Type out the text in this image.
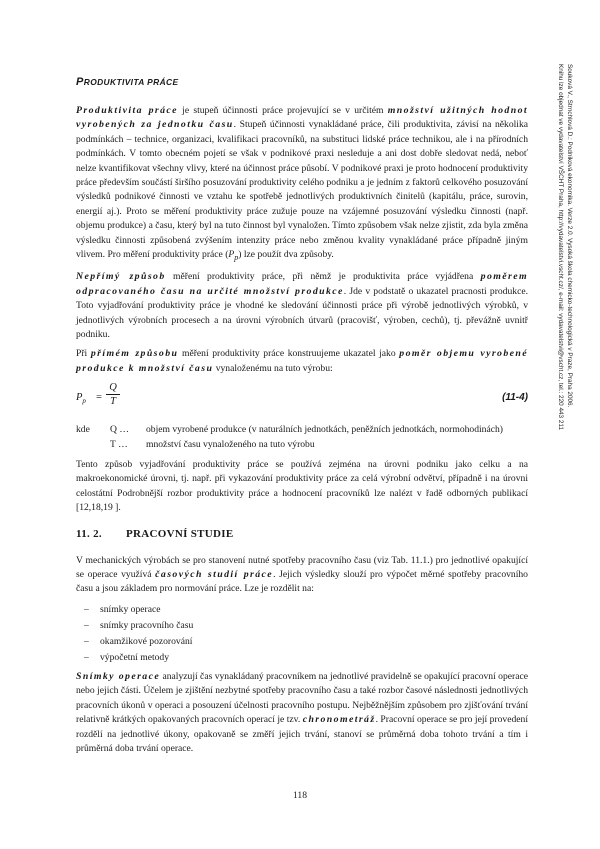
PRODUKTIVITA PRÁCE

Produktivita práce je stupeň účinnosti práce projevující se v určitém množství užitných hodnot vyrobených za jednotku času. Stupeň účinnosti vynakládané práce, čili produktivita, závisí na několika podmínkách – technice, organizaci, kvalifikaci pracovníků, na substituci lidské práce technikou, ale i na přírodních podmínkách. V tomto obecném pojetí se však v podnikové praxi nesleduje a ani dost dobře sledovat nedá, neboť nelze kvantifikovat všechny vlivy, které na účinnost práce působí. V podnikové praxi je proto hodnocení produktivity práce především součástí širšího posuzování produktivity celého podniku a je jedním z faktorů celkového posuzování výsledků podnikové činnosti ve vztahu ke spotřebě jednotlivých produktivních činitelů (kapitálu, práce, surovin, energií aj.). Proto se měření produktivity práce zužuje pouze na vzájemné posuzování výsledku činnosti (např. objemu produkce) a času, který byl na tuto činnost byl vynaložen. Tímto způsobem však nelze zjistit, zda byla změna výsledku činnosti způsobená zvýšením intenzity práce nebo změnou kvality vynakládané práce případně jiným vlivem. Pro měření produktivity práce $(P_p)$ lze použít dva způsoby.

Nepřímý způsob měření produktivity práce, při němž je produktivita práce vyjádřena poměrem odpracovaného času na určité množství produkce. Jde v podstatě o ukazatel pracnosti produkce. Toto vyjadřování produktivity práce je vhodné ke sledování účinnosti práce při výrobě jednotlivých výrobků, v jednotlivých výrobních procesech a na úrovni výrobních útvarů (pracovišť, výroben, cechů), tj. převážně uvnitř podniku.

Při přímém způsobu měření produktivity práce konstruujeme ukazatel jako poměr objemu vyrobené produkce k množství času vynaloženému na tuto výrobu:

$P_p = \frac{Q}{T}$	(11-4)
kde	Q …	objem vyrobené produkce (v naturálních jednotkách, peněžních jednotkách, normohodinách)
T …	množství času vynaloženého na tuto výrobu

Tento způsob vyjadřování produktivity práce se používá zejména na úrovni podniku jako celku a na makroekonomické úrovni, tj. např. při vykazování produktivity práce za celá výrobní odvětví, případně i na úrovni celostátní Podrobnější rozbor produktivity práce a hodnocení pracovníků lze nalézt v řadě odborných publikací [12,18,19 ].

11. 2. PRACOVNÍ STUDIE

V mechanických výrobách se pro stanovení nutné spotřeby pracovního času (viz Tab. 11.1.) pro jednotlivé opakující se operace využívá časových studií práce. Jejich výsledky slouží pro výpočet měrné spotřeby pracovního času a jsou základem pro normování práce. Lze je rozdělit na:

–	snímky operace
–	snímky pracovního času
–	okamžikové pozorování
–	výpočetní metody

Snímky operace analyzují čas vynakládaný pracovníkem na jednotlivé pravidelně se opakující pracovní operace nebo jejich části. Účelem je zjištění nezbytné spotřeby pracovního času a také rozbor časové následnosti jednotlivých pracovních úkonů v operaci a posouzení účelnosti pracovního postupu. Nejběžnějším způsobem pro zjišťování trvání relativně krátkých opakovaných pracovních operací je tzv. chronometráž. Pracovní operace se pro její provedení rozdělí na jednotlivé úkony, opakovaně se změří jejich trvání, stanoví se průměrná doba tohoto trvání a tím i průměrná doba trvání operace.

118
Souková V., Strnchlová D.: Podniková ekonomika. Verze 2.0. Vysoká škola chemicko-technologická v Praze, Praha 2006.
Knihu lze objednat ve vydavatelství VŠCHT Praha, http://vydavatelstvi.vscht.cz/, e-mail: vydavatelstvi@vscht.cz, tel.: 220 443 211
